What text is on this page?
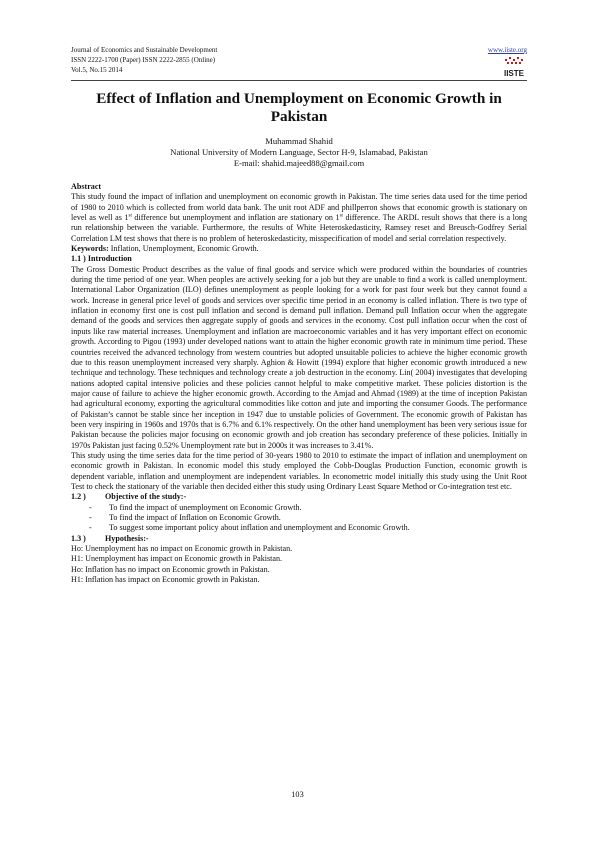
Journal of Economics and Sustainable Development
ISSN 2222-1700 (Paper) ISSN 2222-2855 (Online)
Vol.5, No.15 2014
www.iiste.org
IISTE
Effect of Inflation and Unemployment on Economic Growth in Pakistan
Muhammad Shahid
National University of Modern Language, Sector H-9, Islamabad, Pakistan
E-mail: shahid.majeed88@gmail.com

Abstract

This study found the impact of inflation and unemployment on economic growth in Pakistan. The time series data used for the time period of 1980 to 2010 which is collected from world data bank. The unit root ADF and phillperron shows that economic growth is stationary on level as well as 1st difference but unemployment and inflation are stationary on 1st difference. The ARDL result shows that there is a long run relationship between the variable. Furthermore, the results of White Heteroskedasticity, Ramsey reset and Breusch-Godfrey Serial Correlation LM test shows that there is no problem of heteroskedasticity, misspecification of model and serial correlation respectively.

Keywords: Inflation, Unemployment, Economic Growth.

1.1 ) Introduction

The Gross Domestic Product describes as the value of final goods and service which were produced within the boundaries of countries during the time period of one year. When peoples are actively seeking for a job but they are unable to find a work is called unemployment. International Labor Organization (ILO) defines unemployment as people looking for a work for past four week but they cannot found a work. Increase in general price level of goods and services over specific time period in an economy is called inflation. There is two type of inflation in economy first one is cost pull inflation and second is demand pull inflation. Demand pull Inflation occur when the aggregate demand of the goods and services then aggregate supply of goods and services in the economy. Cost pull inflation occur when the cost of inputs like raw material increases. Unemployment and inflation are macroeconomic variables and it has very important effect on economic growth. According to Pigou (1993) under developed nations want to attain the higher economic growth rate in minimum time period. These countries received the advanced technology from western countries but adopted unsuitable policies to achieve the higher economic growth due to this reason unemployment increased very sharply. Aghion & Howitt (1994) explore that higher economic growth introduced a new technique and technology. These techniques and technology create a job destruction in the economy. Lin( 2004) investigates that developing nations adopted capital intensive policies and these policies cannot helpful to make competitive market. These policies distortion is the major cause of failure to achieve the higher economic growth. According to the Amjad and Ahmad (1989) at the time of inception Pakistan had agricultural economy, exporting the agricultural commodities like cotton and jute and importing the consumer Goods. The performance of Pakistan’s cannot be stable since her inception in 1947 due to unstable policies of Government. The economic growth of Pakistan has been very inspiring in 1960s and 1970s that is 6.7% and 6.1% respectively. On the other hand unemployment has been very serious issue for Pakistan because the policies major focusing on economic growth and job creation has secondary preference of these policies. Initially in 1970s Pakistan just facing 0.52% Unemployment rate but in 2000s it was increases to 3.41%.

This study using the time series data for the time period of 30-years 1980 to 2010 to estimate the impact of inflation and unemployment on economic growth in Pakistan. In economic model this study employed the Cobb-Douglas Production Function, economic growth is dependent variable, inflation and unemployment are independent variables. In econometric model initially this study using the Unit Root Test to check the stationary of the variable then decided either this study using Ordinary Least Square Method or Co-integration test etc.

1.2 )	Objective of the study:-
-	To find the impact of unemployment on Economic Growth.
-	To find the impact of Inflation on Economic Growth.
-	To suggest some important policy about inflation and unemployment and Economic Growth.
1.3 )	Hypothesis:-

Ho: Unemployment has no impact on Economic growth in Pakistan.

H1: Unemployment has impact on Economic growth in Pakistan.

Ho: Inflation has no impact on Economic growth in Pakistan.

H1: Inflation has impact on Economic growth in Pakistan.

103
